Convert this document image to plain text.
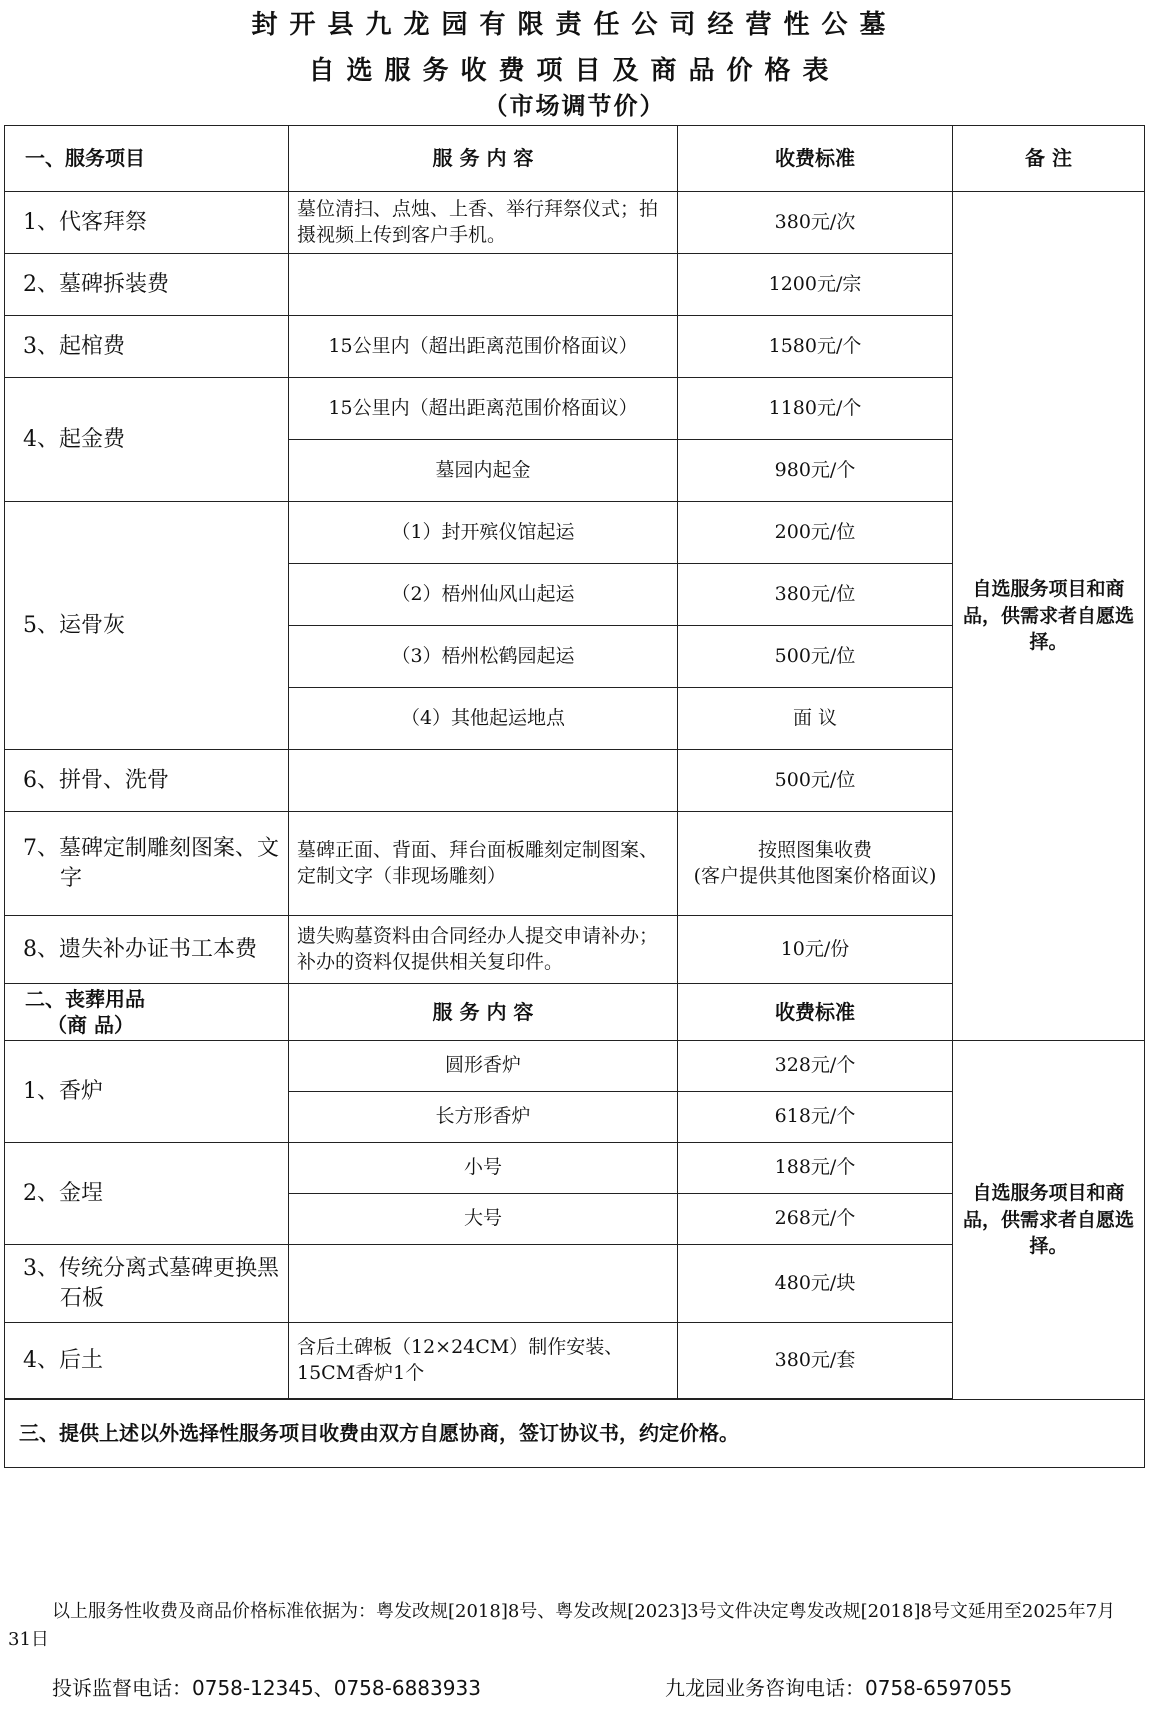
封开县九龙园有限责任公司经营性公墓
自选服务收费项目及商品价格表
（市场调节价）
一、服务项目	服 务 内 容	收费标准	备 注	
1、代客拜祭	墓位清扫、点烛、上香、举行拜祭仪式；拍摄视频上传到客户手机。	380元/次	自选服务项目和商品，供需求者自愿选择。	
2、墓碑拆装费		1200元/宗		
3、起棺费	15公里内（超出距离范围价格面议）	1580元/个		
4、起金费	15公里内（超出距离范围价格面议）	1180元/个		
	墓园内起金	980元/个		
5、运骨灰	（1）封开殡仪馆起运	200元/位		
	（2）梧州仙风山起运	380元/位		
	（3）梧州松鹤园起运	500元/位		
	（4）其他起运地点	面 议		
6、拼骨、洗骨		500元/位		

7、墓碑定制雕刻图案、文字	墓碑正面、背面、拜台面板雕刻定制图案、定制文字（非现场雕刻）	按照图集收费
(客户提供其他图案价格面议)		

8、遗失补办证书工本费	遗失购墓资料由合同经办人提交申请补办；补办的资料仅提供相关复印件。	10元/份		

二、丧葬用品
（商 品）	服 务 内 容	收费标准	
1、香炉	圆形香炉	328元/个	自选服务项目和商品，供需求者自愿选择。	
	长方形香炉	618元/个		
2、金埕	小号	188元/个		
	大号	268元/个		

3、传统分离式墓碑更换黑石板		480元/块		
4、后土	含后土碑板（12×24CM）制作安装、15CM香炉1个	380元/套		

三、提供上述以外选择性服务项目收费由双方自愿协商，签订协议书，约定价格。				
以上服务性收费及商品价格标准依据为：粤发改规[2018]8号、粤发改规[2023]3号文件决定粤发改规[2018]8号文延用至2025年7月31日
投诉监督电话：0758-12345、0758-6883933	九龙园业务咨询电话：0758-6597055
